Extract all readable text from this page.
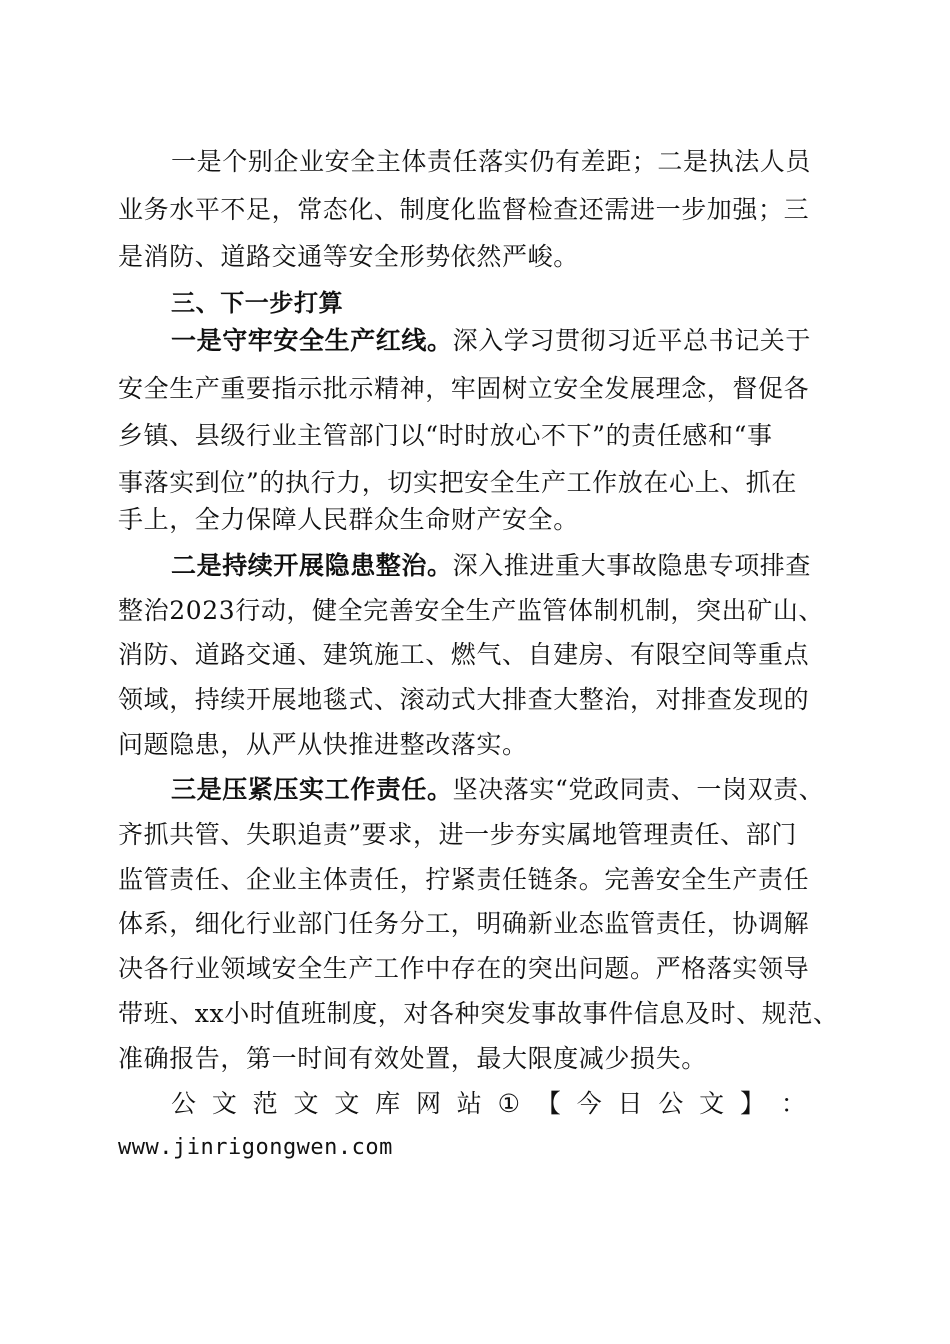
一是个别企业安全主体责任落实仍有差距；二是执法人员
业务水平不足，常态化、制度化监督检查还需进一步加强；三
是消防、道路交通等安全形势依然严峻。
三、下一步打算
一是守牢安全生产红线。深入学习贯彻习近平总书记关于
安全生产重要指示批示精神，牢固树立安全发展理念，督促各
乡镇、县级行业主管部门以“时时放心不下”的责任感和“事
事落实到位”的执行力，切实把安全生产工作放在心上、抓在
手上，全力保障人民群众生命财产安全。
二是持续开展隐患整治。深入推进重大事故隐患专项排查
整治2023行动，健全完善安全生产监管体制机制，突出矿山、
消防、道路交通、建筑施工、燃气、自建房、有限空间等重点
领域，持续开展地毯式、滚动式大排查大整治，对排查发现的
问题隐患，从严从快推进整改落实。
三是压紧压实工作责任。坚决落实“党政同责、一岗双责、
齐抓共管、失职追责”要求，进一步夯实属地管理责任、部门
监管责任、企业主体责任，拧紧责任链条。完善安全生产责任
体系，细化行业部门任务分工，明确新业态监管责任，协调解
决各行业领域安全生产工作中存在的突出问题。严格落实领导
带班、xx小时值班制度，对各种突发事故事件信息及时、规范、
准确报告，第一时间有效处置，最大限度减少损失。
公 文 范 文 文 库 网 站 ① 【 今 日 公 文 】 ：
www.jinrigongwen.com
